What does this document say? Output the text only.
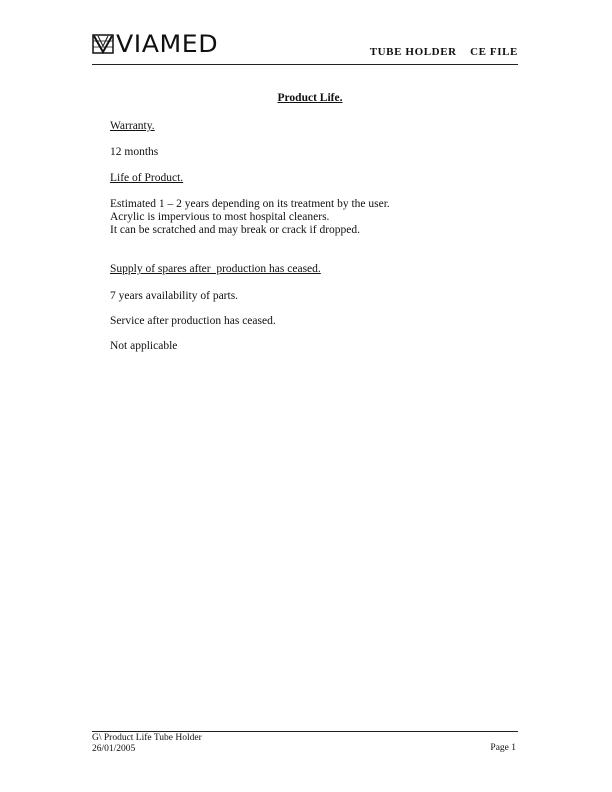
VIAMED	TUBE HOLDER    CE FILE
Product Life.
Warranty.
12 months
Life of Product.
Estimated 1 – 2 years depending on its treatment by the user.
Acrylic is impervious to most hospital cleaners.
It can be scratched and may break or crack if dropped.
Supply of spares after  production has ceased.
7 years availability of parts.
Service after production has ceased.
Not applicable
G\ Product Life Tube Holder
26/01/2005	Page 1
